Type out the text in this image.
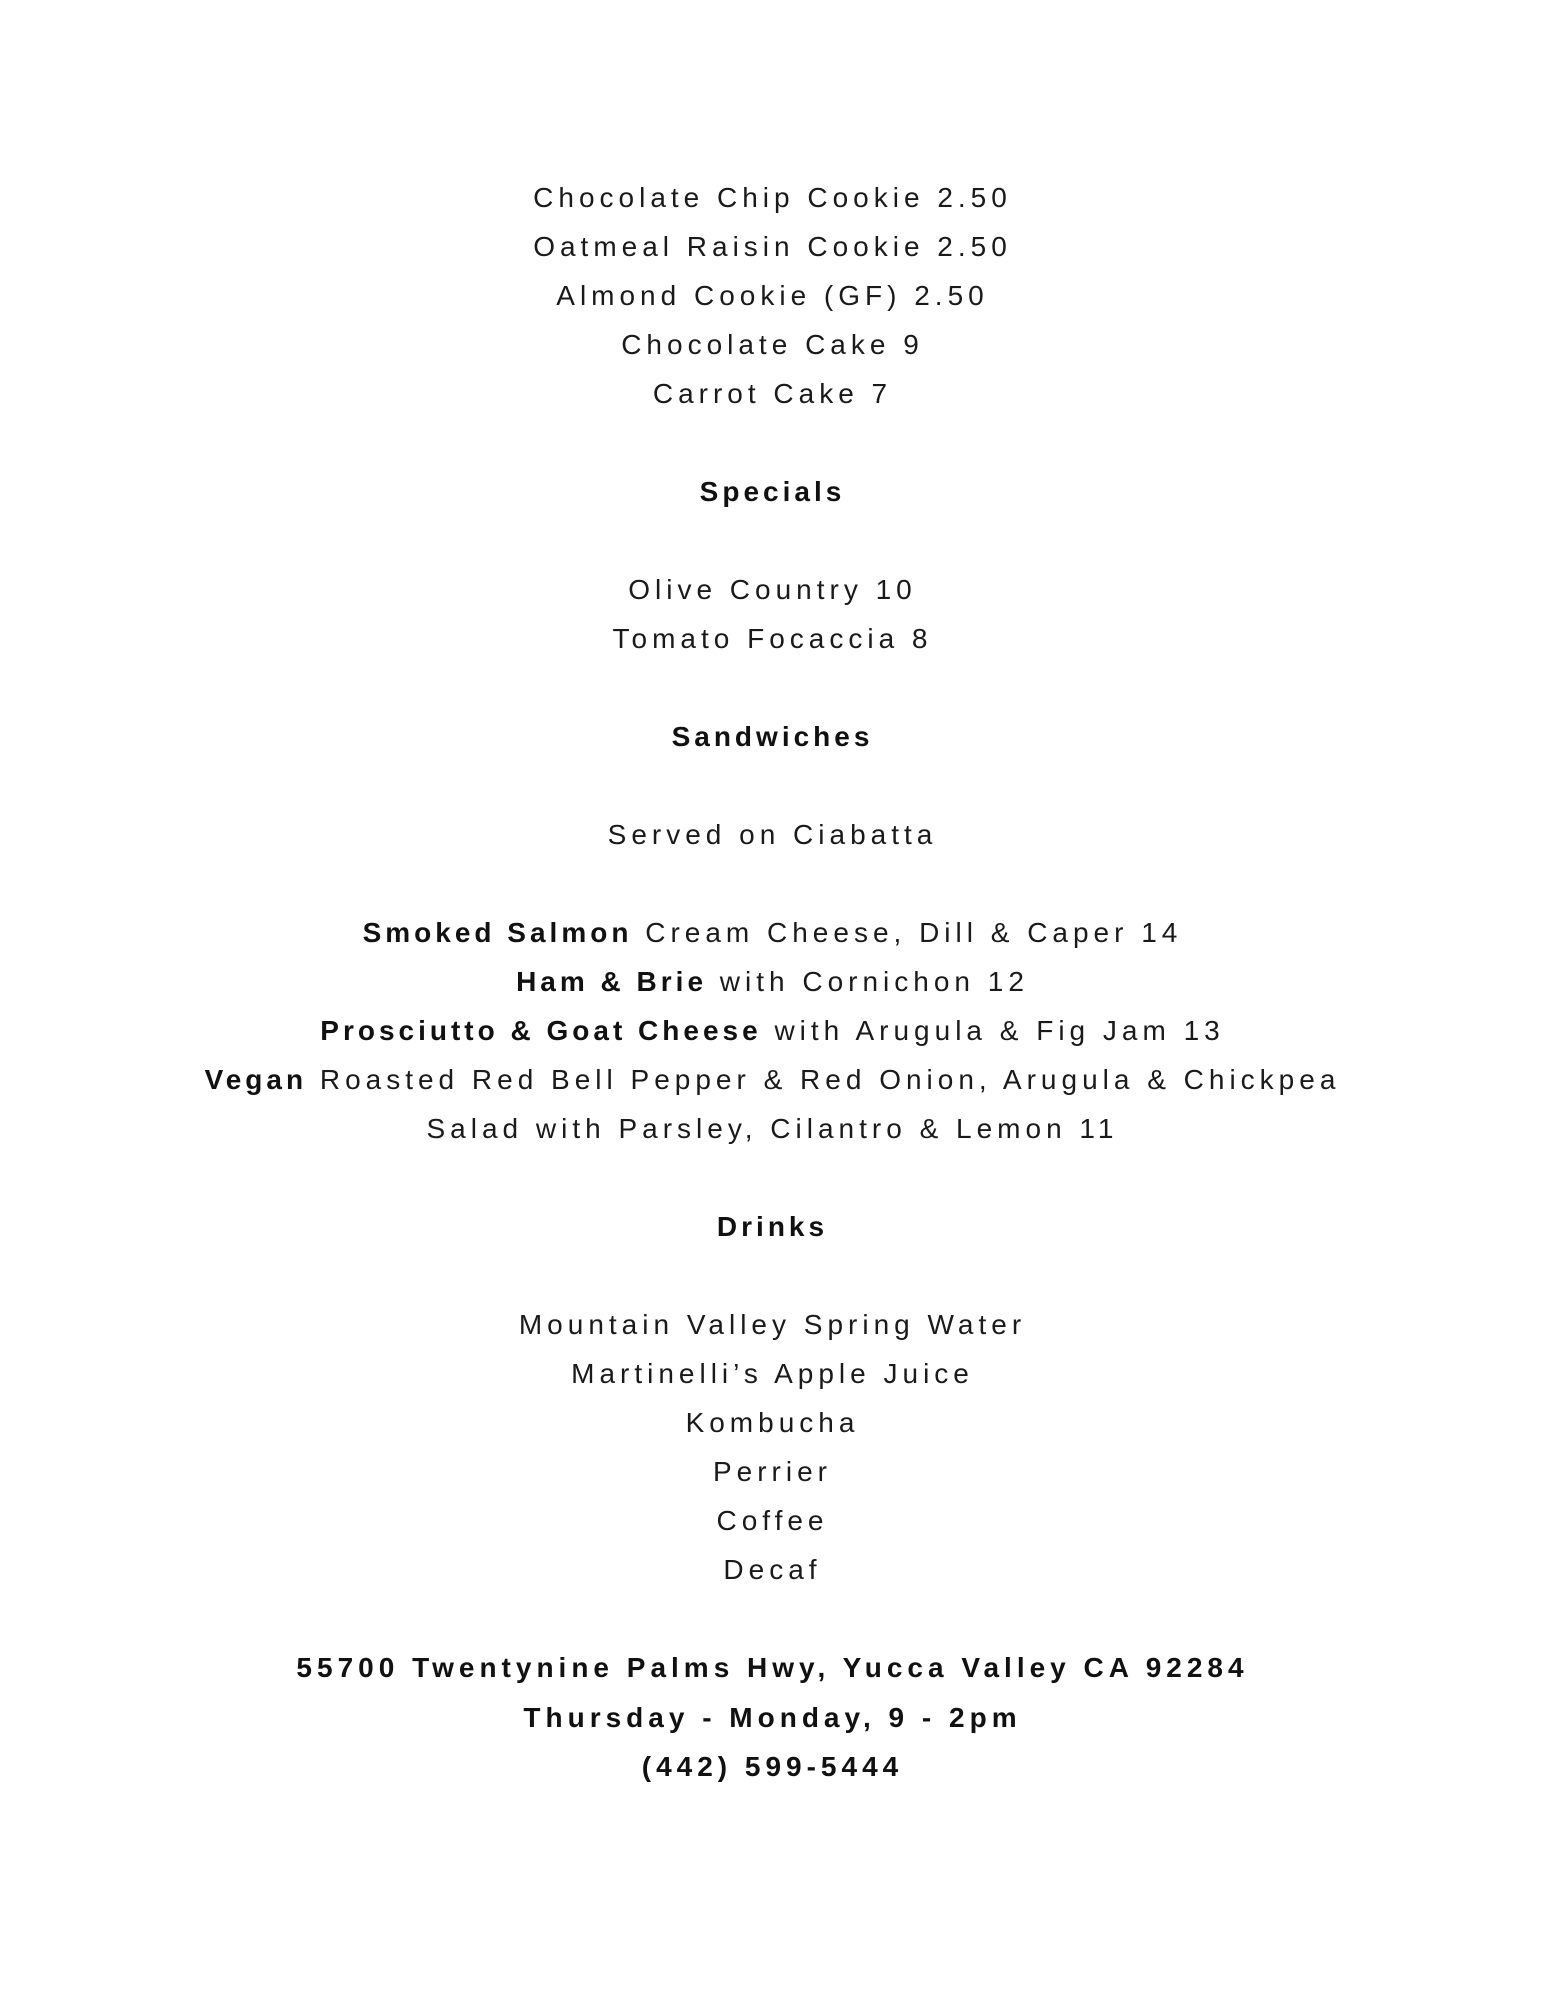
Chocolate Chip Cookie 2.50
Oatmeal Raisin Cookie 2.50
Almond Cookie (GF) 2.50
Chocolate Cake 9
Carrot Cake 7
Specials
Olive Country 10
Tomato Focaccia 8
Sandwiches
Served on Ciabatta
Smoked Salmon Cream Cheese, Dill & Caper 14
Ham & Brie with Cornichon 12
Prosciutto & Goat Cheese with Arugula & Fig Jam 13
Vegan Roasted Red Bell Pepper & Red Onion, Arugula & Chickpea
Salad with Parsley, Cilantro & Lemon 11
Drinks
Mountain Valley Spring Water
Martinelli’s Apple Juice
Kombucha
Perrier
Coffee
Decaf
55700 Twentynine Palms Hwy, Yucca Valley CA 92284
Thursday - Monday, 9 - 2pm
(442) 599-5444
